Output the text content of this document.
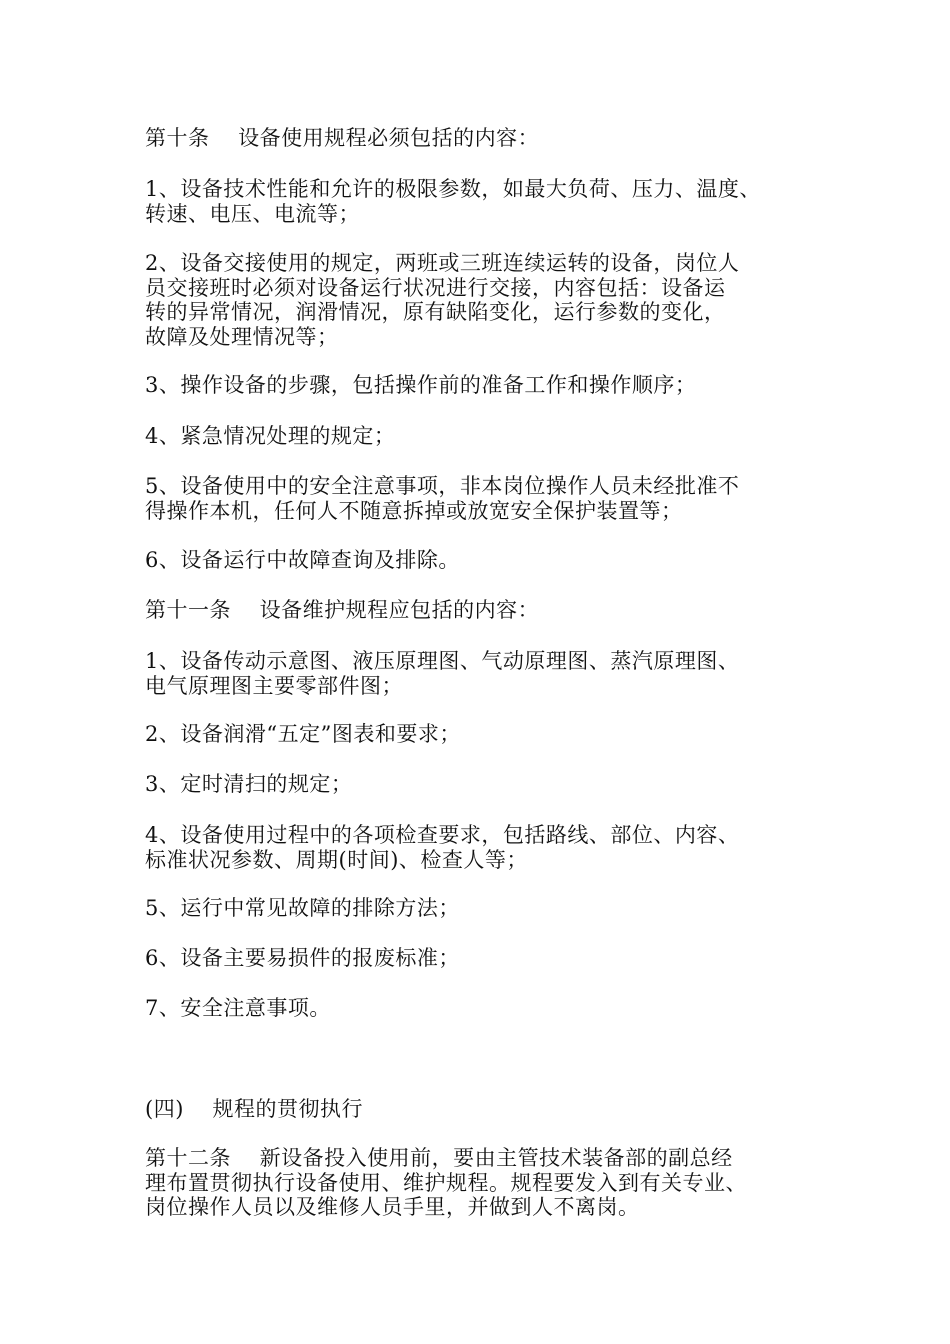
第十条　 设备使用规程必须包括的内容：

1、设备技术性能和允许的极限参数，如最大负荷、压力、温度、
转速、电压、电流等；

2、设备交接使用的规定，两班或三班连续运转的设备，岗位人
员交接班时必须对设备运行状况进行交接，内容包括：设备运
转的异常情况，润滑情况，原有缺陷变化，运行参数的变化，
故障及处理情况等；

3、操作设备的步骤，包括操作前的准备工作和操作顺序；

4、紧急情况处理的规定；

5、设备使用中的安全注意事项，非本岗位操作人员未经批准不
得操作本机，任何人不随意拆掉或放宽安全保护装置等；

6、设备运行中故障查询及排除。

第十一条　 设备维护规程应包括的内容：

1、设备传动示意图、液压原理图、气动原理图、蒸汽原理图、
电气原理图主要零部件图；

2、设备润滑“五定”图表和要求；

3、定时清扫的规定；

4、设备使用过程中的各项检查要求，包括路线、部位、内容、
标准状况参数、周期(时间)、检查人等；

5、运行中常见故障的排除方法；

6、设备主要易损件的报废标准；

7、安全注意事项。

(四)　 规程的贯彻执行

第十二条　 新设备投入使用前，要由主管技术装备部的副总经
理布置贯彻执行设备使用、维护规程。规程要发入到有关专业、
岗位操作人员以及维修人员手里，并做到人不离岗。
